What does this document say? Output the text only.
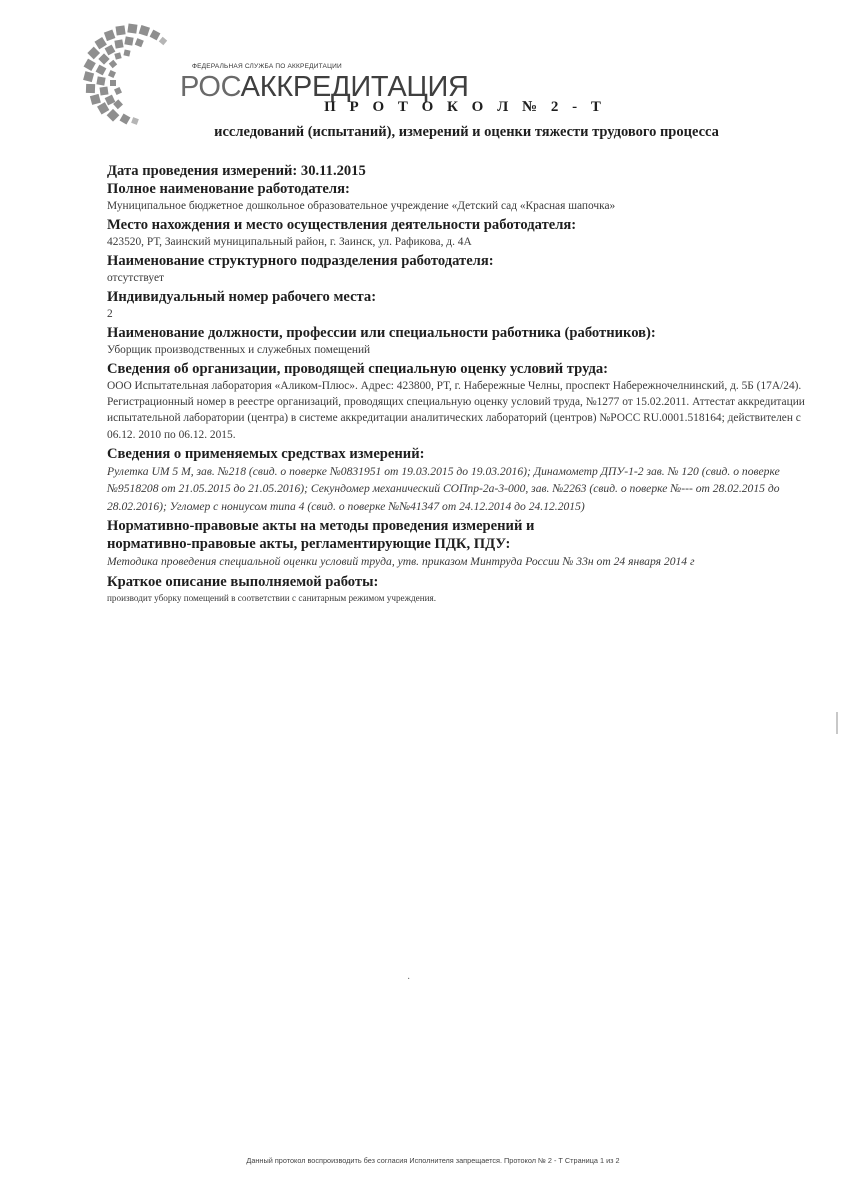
ФЕДЕРАЛЬНАЯ СЛУЖБА ПО АККРЕДИТАЦИИ
РОСАККРЕДИТАЦИЯ
П Р О Т О К О Л № 2 - Т
исследований (испытаний), измерений и оценки тяжести трудового процесса

Дата проведения измерений: 30.11.2015

Полное наименование работодателя:

Муниципальное бюджетное дошкольное образовательное учреждение «Детский сад «Красная шапочка»

Место нахождения и место осуществления деятельности работодателя:

423520, РТ, Заинский муниципальный район, г. Заинск, ул. Рафикова, д. 4А

Наименование структурного подразделения работодателя:

отсутствует

Индивидуальный номер рабочего места:

2

Наименование должности, профессии или специальности работника (работников):

Уборщик производственных и служебных помещений

Сведения об организации, проводящей специальную оценку условий труда:

ООО Испытательная лаборатория «Аликом-Плюс». Адрес: 423800, РТ, г. Набережные Челны, проспект Набережночелнинский, д. 5Б (17А/24). Регистрационный номер в реестре организаций, проводящих специальную оценку условий труда, №1277 от 15.02.2011. Аттестат аккредитации испытательной лаборатории (центра) в системе аккредитации аналитических лабораторий (центров) №РОСС RU.0001.518164; действителен с 06.12. 2010 по 06.12. 2015.

Сведения о применяемых средствах измерений:

Рулетка UM 5 M, зав. №218 (свид. о поверке №0831951 от 19.03.2015 до 19.03.2016); Динамометр ДПУ-1-2 зав. № 120 (свид. о поверке №9518208 от 21.05.2015 до 21.05.2016); Секундомер механический СОПпр-2а-3-000, зав. №2263 (свид. о поверке №--- от 28.02.2015 до 28.02.2016); Угломер с нониусом типа 4 (свид. о поверке №№41347 от 24.12.2014 до 24.12.2015)

Нормативно-правовые акты на методы проведения измерений и

нормативно-правовые акты, регламентирующие ПДК, ПДУ:

Методика проведения специальной оценки условий труда, утв. приказом Минтруда России № 33н от 24 января 2014 г

Краткое описание выполняемой работы:

производит уборку помещений в соответствии с санитарным режимом учреждения.

·
Данный протокол воспроизводить без согласия Исполнителя запрещается. Протокол № 2 - Т Страница 1 из 2
